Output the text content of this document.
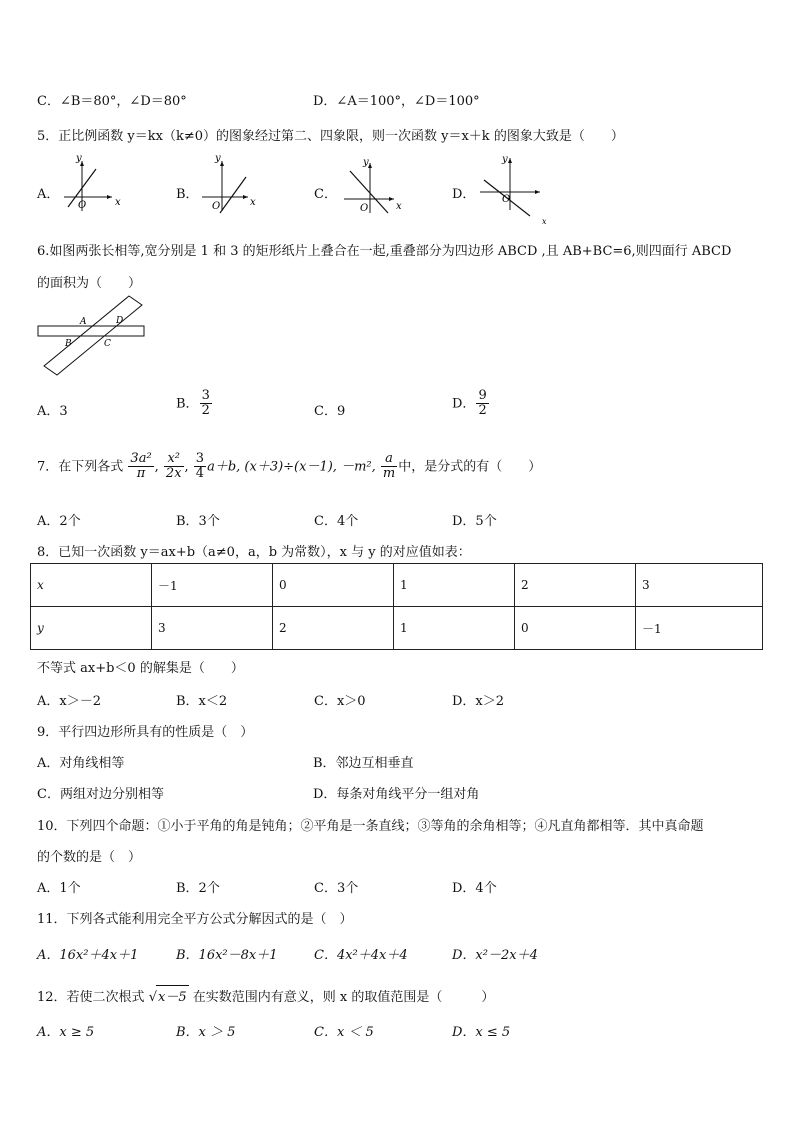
C．∠B＝80°，∠D＝80°	D．∠A＝100°，∠D＝100°
5．正比例函数 y＝kx（k≠0）的图象经过第二、四象限，则一次函数 y＝x＋k 的图象大致是（　　）
A．
y
x
O
B．
y
x
O
C．
y
x
O
D．
y
O
x
6.如图两张长相等,宽分别是 1 和 3 的矩形纸片上叠合在一起,重叠部分为四边形 ABCD ,且 AB+BC=6,则四面行 ABCD
的面积为（　　）
A	D
B	C
A．3
B． $\frac{3}{2}$	C．9
D． $\frac{9}{2}$
7．在下列各式 $\frac{\text{3a²}}{\pi}$ , $\frac{\text{x²}}{2x}$ , $\frac{3}{4} a+b$, (x＋3)÷(x－1), －m², $\frac{a}{m}$ 中，是分式的有（　　）
A．2个	B．3个	C．4个	D．5个
8．已知一次函数 y＝ax+b（a≠0，a，b 为常数），x 与 y 的对应值如表：
x	－1	0	1	2	3
y	3	2	1	0	－1
不等式 ax+b＜0 的解集是（　　）
A．x＞－2	B．x＜2	C．x＞0	D．x＞2
9．平行四边形所具有的性质是（　）
A．对角线相等	B．邻边互相垂直
C．两组对边分别相等	D．每条对角线平分一组对角
10．下列四个命题：①小于平角的角是钝角；②平角是一条直线；③等角的余角相等；④凡直角都相等．其中真命题
的个数的是（　）
A．1个	B．2个	C．3个	D．4个
11．下列各式能利用完全平方公式分解因式的是（　）
A．16x²＋4x＋1	B．16x²－8x＋1	C．4x²＋4x＋4	D．x²－2x＋4
12．若使二次根式 √x－5 在实数范围内有意义，则 x 的取值范围是（　　　）
A．x ≥ 5	B．x ＞ 5	C．x ＜ 5	D．x ≤ 5
